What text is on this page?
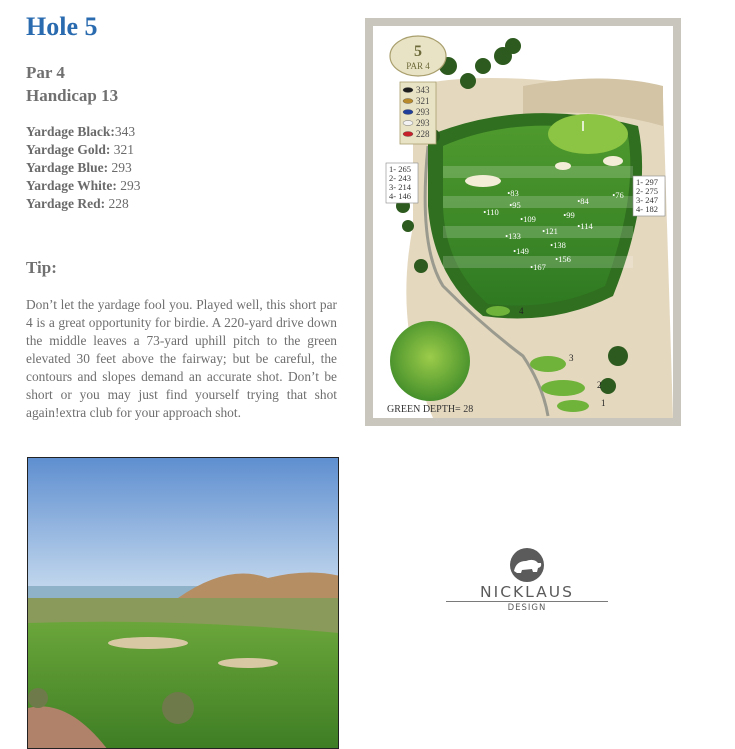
Hole 5
Par 4
Handicap 13
Yardage Black:343
Yardage Gold: 321
Yardage Blue: 293
Yardage White: 293
Yardage Red: 228
Tip:
Don’t let the yardage fool you. Played well, this short par 4 is a great opportunity for birdie. A 220-yard drive down the middle leaves a 73-yard uphill pitch to the green elevated 30 feet above the fairway; but be careful, the contours and slopes demand an accurate shot. Don’t be short or you may just find yourself trying that shot again!extra club for your approach shot.
5
PAR 4
343
321
293
293
228
1- 265
2- 243
3- 214
4- 146
1- 297
2- 275
3- 247
4- 182
•83
•84
•76
•95
•110
•109	•99
•114
•121
•133
•138
•149
•156
•167
4
3
2
1
GREEN DEPTH= 28
NICKLAUS
DESIGN
